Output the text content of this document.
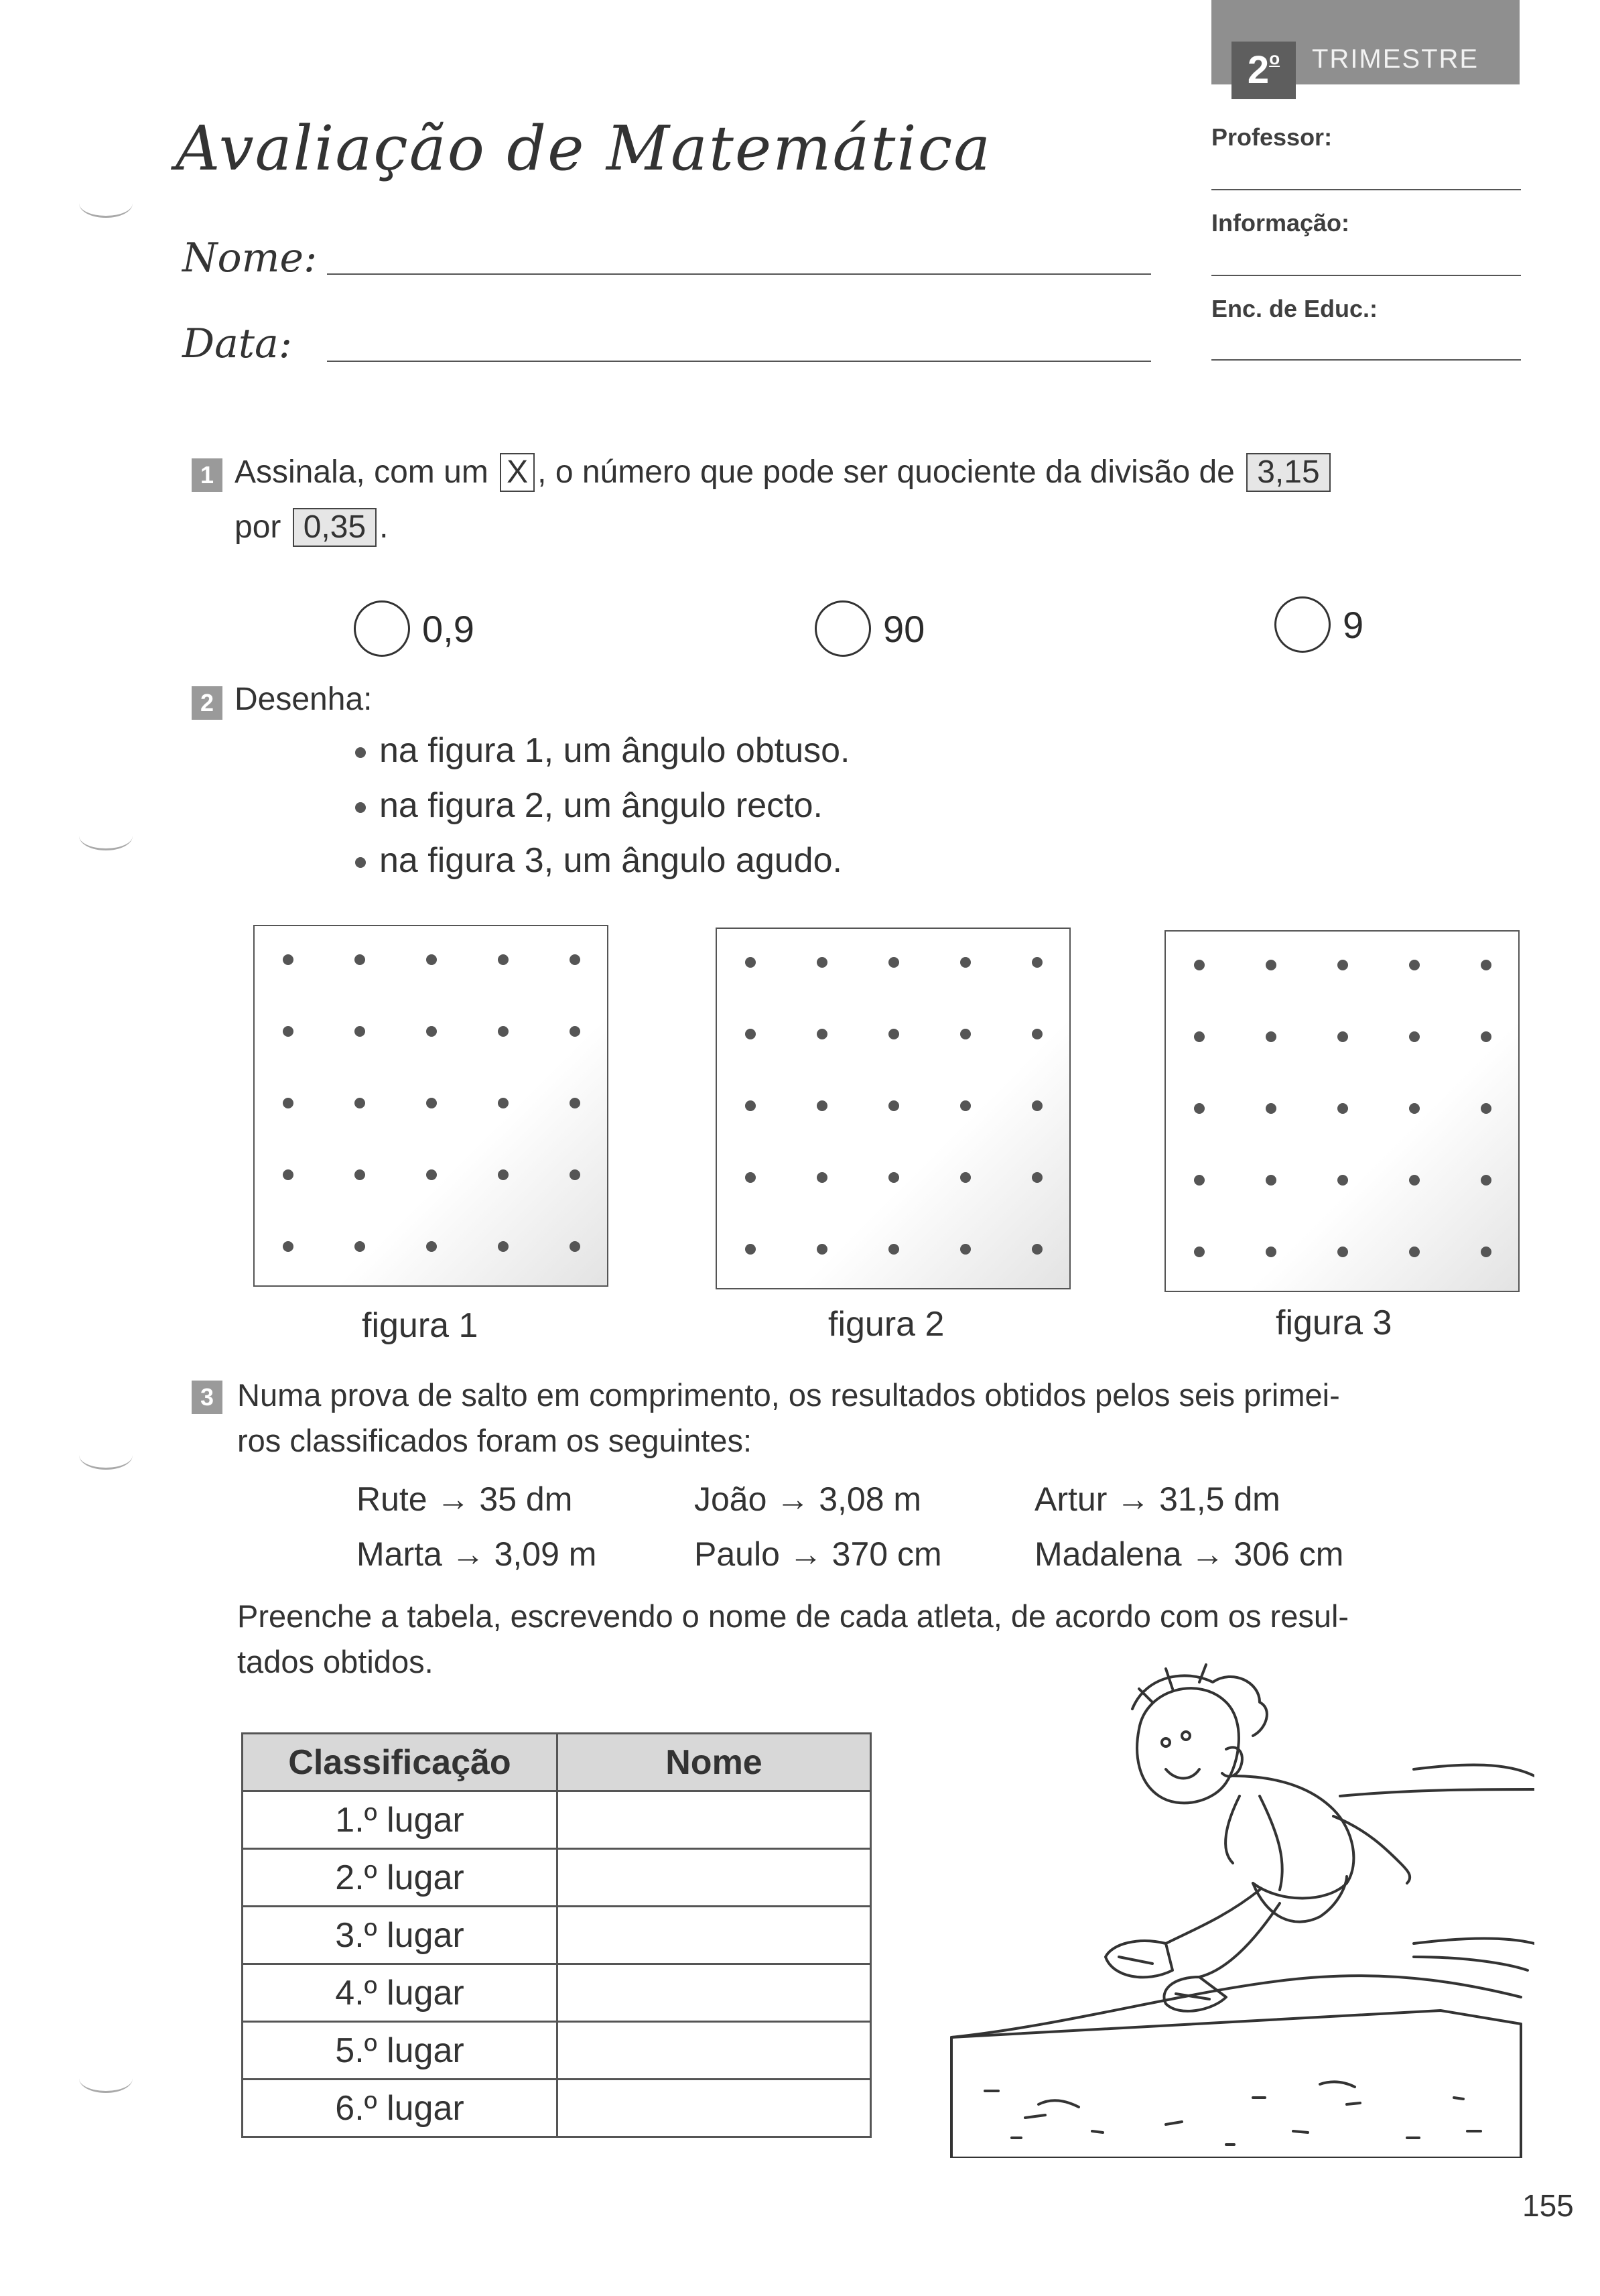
2$^o$	TRIMESTRE
Avaliação de Matemática
Nome:
Data:
Professor:
Informação:
Enc. de Educ.:
1 Assinala, com um X , o número que pode ser quociente da divisão de 3,15
por 0,35 .
0,9	90	9
2 Desenha:
na figura 1, um ângulo obtuso.
na figura 2, um ângulo recto.
na figura 3, um ângulo agudo.
figura 1	figura 2	figura 3
3 Numa prova de salto em comprimento, os resultados obtidos pelos seis primei-
ros classificados foram os seguintes:
Rute → 35 dm	João → 3,08 m	Artur → 31,5 dm
Marta → 3,09 m	Paulo → 370 cm	Madalena → 306 cm
Preenche a tabela, escrevendo o nome de cada atleta, de acordo com os resul-
tados obtidos.
Classificação	Nome
1.º lugar	
2.º lugar	
3.º lugar	
4.º lugar	
5.º lugar	
6.º lugar	
155
